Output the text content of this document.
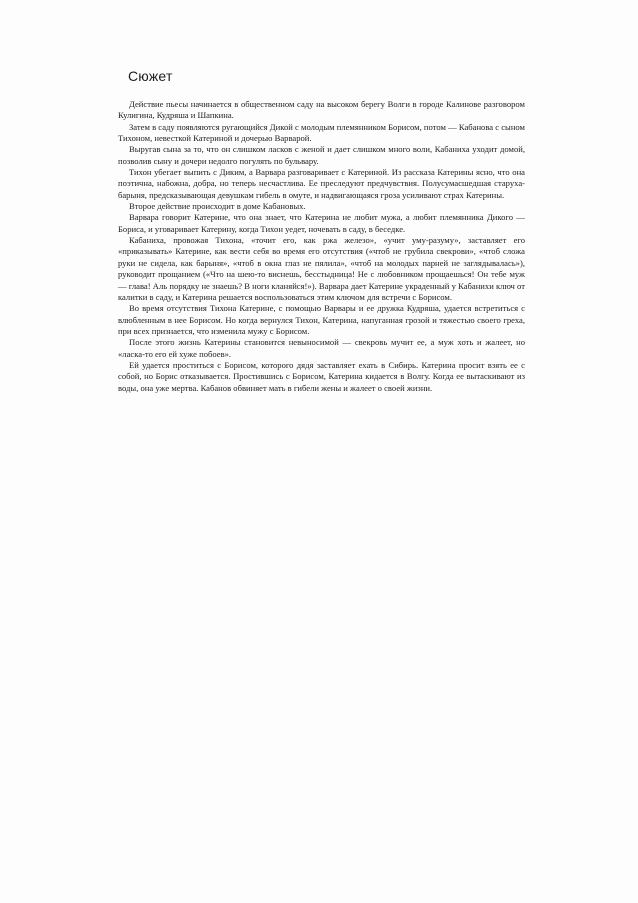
Сюжет

Действие пьесы начинается в общественном саду на высоком берегу Волги в городе Калинове разговором Кулигина, Кудряша и Шапкина.

Затем в саду появляются ругающийся Дикой с молодым племянником Борисом, потом — Кабанова с сыном Тихоном, невесткой Катериной и дочерью Варварой.

Выругав сына за то, что он слишком ласков с женой и дает слишком много воли, Кабаниха уходит домой, позволив сыну и дочери недолго погулять по бульвару.

Тихон убегает выпить с Диким, а Варвара разговаривает с Катериной. Из рассказа Катерины ясно, что она поэтична, набожна, добра, но теперь несчастлива. Ее преследуют предчувствия. Полусумасшедшая старуха-барыня, предсказывающая девушкам гибель в омуте, и надвигающаяся гроза усиливают страх Катерины.

Второе действие происходит в доме Кабановых.

Варвара говорит Катерине, что она знает, что Катерина не любит мужа, а любит племянника Дикого — Бориса, и уговаривает Катерину, когда Тихон уедет, ночевать в саду, в беседке.

Кабаниха, провожая Тихона, «точит его, как ржа железо», «учит уму-разуму», заставляет его «приказывать» Катерине, как вести себя во время его отсутствия («чтоб не грубила свекрови», «чтоб сложа руки не сидела, как барыня», «чтоб в окна глаз не пялила», «чтоб на молодых парней не заглядывалась»), руководит прощанием («Что на шею-то виснешь, бесстыдница! Не с любовником прощаешься! Он тебе муж — глава! Аль порядку не знаешь? В ноги кланяйся!»). Варвара дает Катерине украденный у Кабанихи ключ от калитки в саду, и Катерина решается воспользоваться этим ключом для встречи с Борисом.

Во время отсутствия Тихона Катерине, с помощью Варвары и ее дружка Кудряша, удается встретиться с влюбленным в нее Борисом. Но когда вернулся Тихон, Катерина, напуганная грозой и тяжестью своего греха, при всех признается, что изменила мужу с Борисом.

После этого жизнь Катерины становится невыносимой — свекровь мучит ее, а муж хоть и жалеет, но «ласка-то его ей хуже побоев».

Ей удается проститься с Борисом, которого дядя заставляет ехать в Сибирь. Катерина просит взять ее с собой, но Борис отказывается. Простившись с Борисом, Катерина кидается в Волгу. Когда ее вытаскивают из воды, она уже мертва. Кабанов обвиняет мать в гибели жены и жалеет о своей жизни.
